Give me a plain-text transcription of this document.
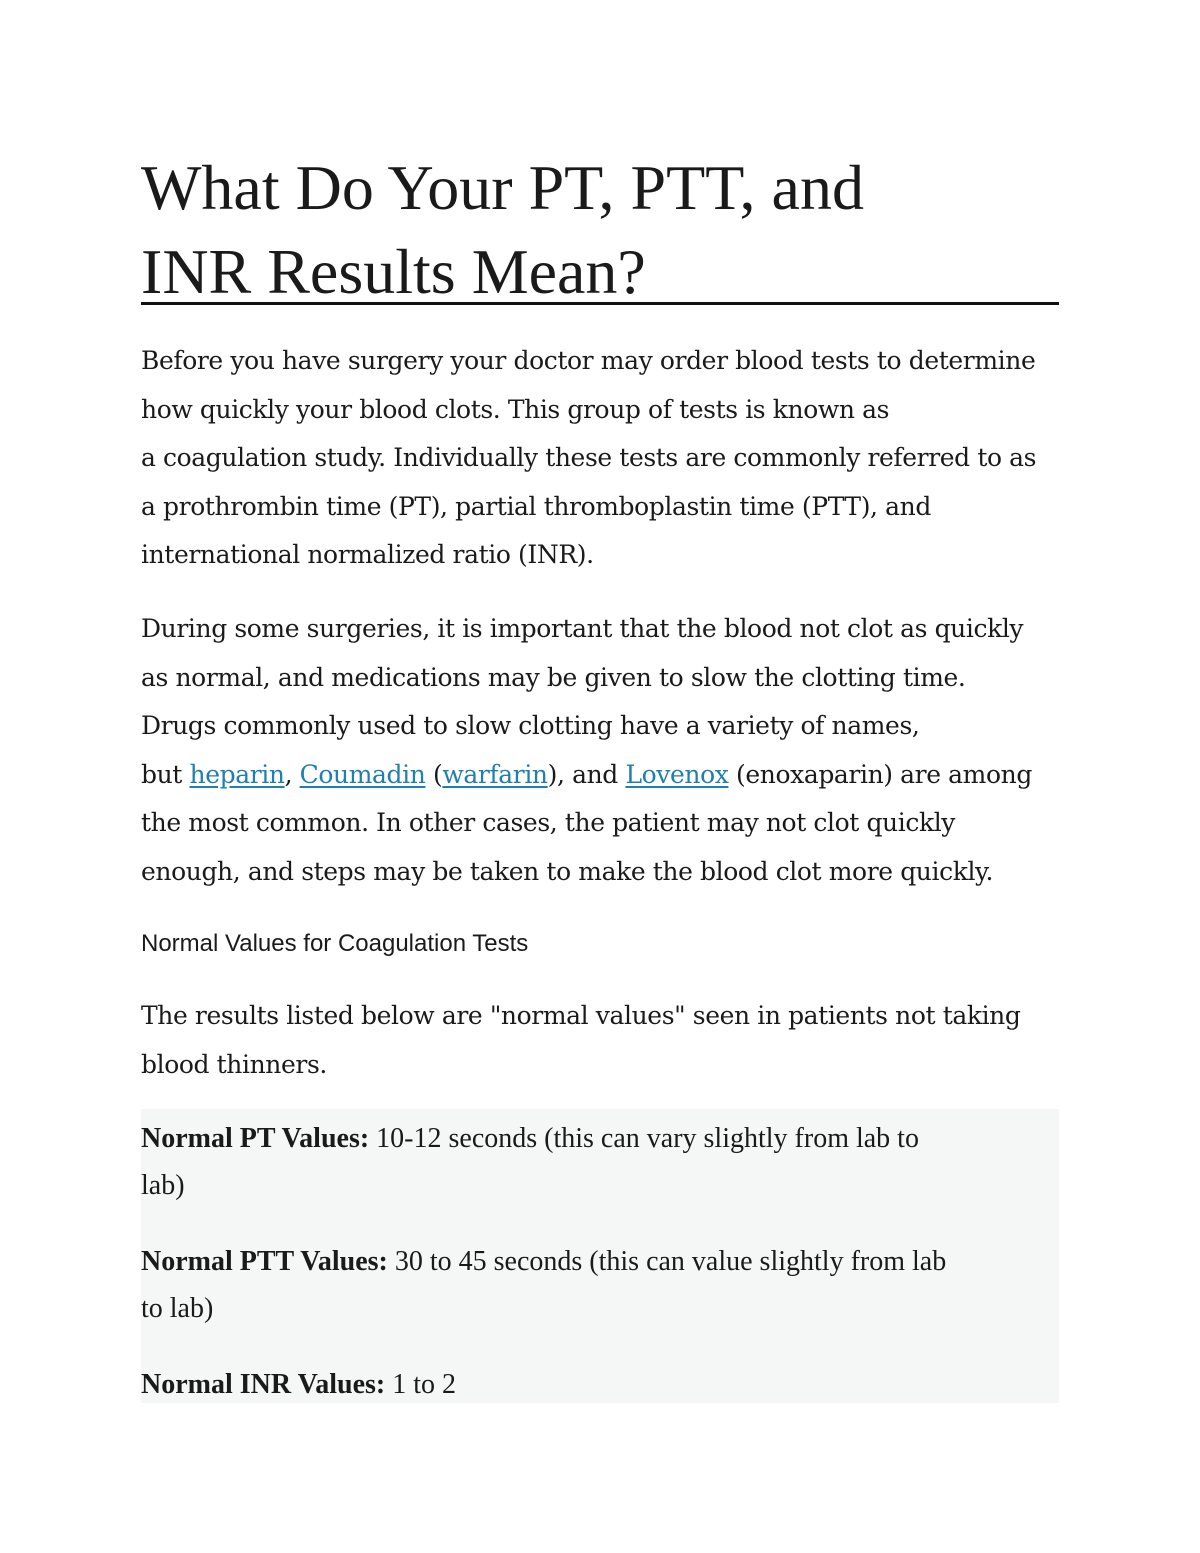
What Do Your PT, PTT, and
INR Results Mean?

Before you have surgery your doctor may order blood tests to determine
how quickly your blood clots. This group of tests is known as
a coagulation study. Individually these tests are commonly referred to as
a prothrombin time (PT), partial thromboplastin time (PTT), and
international normalized ratio (INR).

During some surgeries, it is important that the blood not clot as quickly
as normal, and medications may be given to slow the clotting time.
Drugs commonly used to slow clotting have a variety of names,
but heparin, Coumadin (warfarin), and Lovenox (enoxaparin) are among
the most common. In other cases, the patient may not clot quickly
enough, and steps may be taken to make the blood clot more quickly.

Normal Values for Coagulation Tests

The results listed below are "normal values" seen in patients not taking
blood thinners.

Normal PT Values: 10-12 seconds (this can vary slightly from lab to
lab)

Normal PTT Values: 30 to 45 seconds (this can value slightly from lab
to lab)

Normal INR Values: 1 to 2
